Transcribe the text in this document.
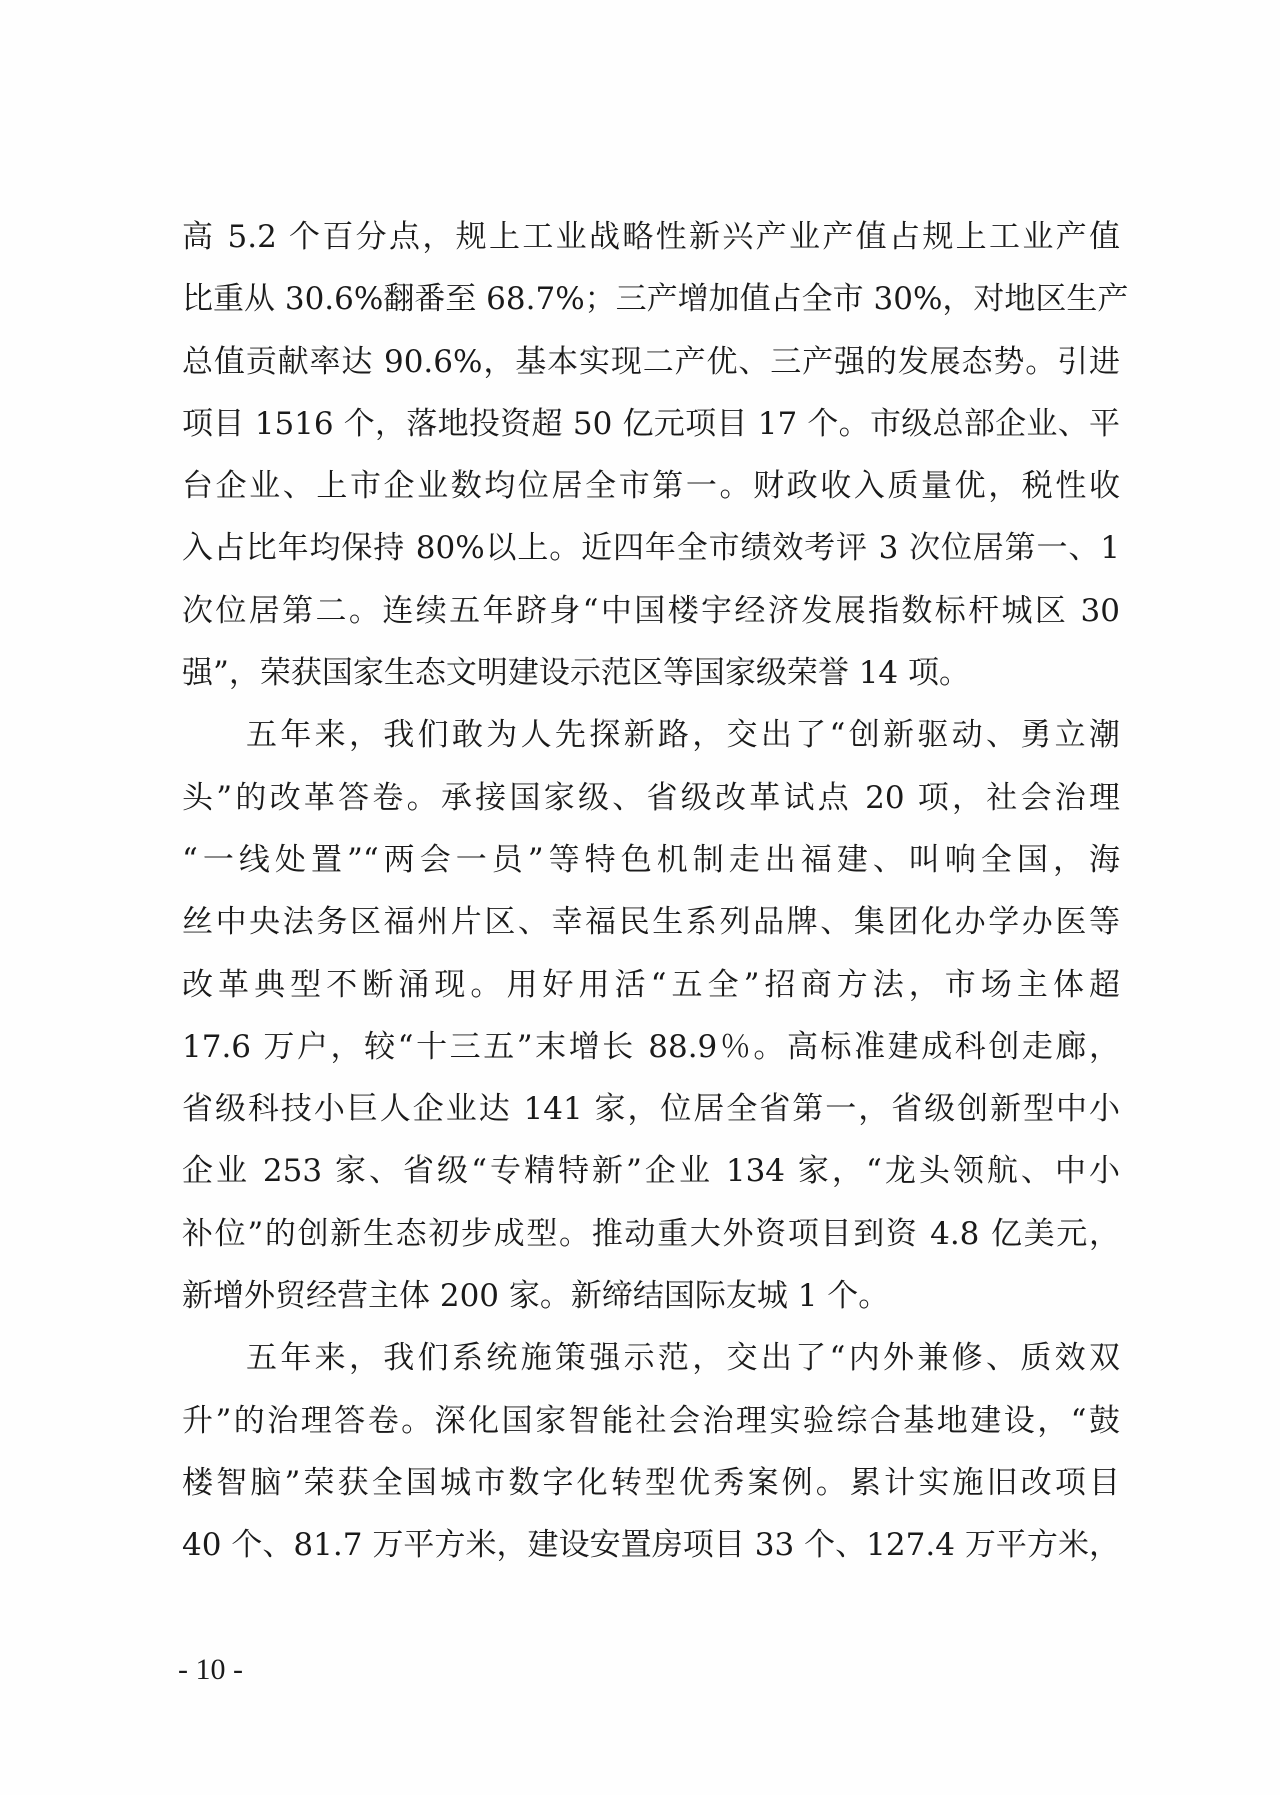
高 5.2 个百分点，规上工业战略性新兴产业产值占规上工业产值
比重从 30.6%翻番至 68.7%；三产增加值占全市 30%，对地区生产
总值贡献率达 90.6%，基本实现二产优、三产强的发展态势。引进
项目 1516 个，落地投资超 50 亿元项目 17 个。市级总部企业、平
台企业、上市企业数均位居全市第一。财政收入质量优，税性收
入占比年均保持 80%以上。近四年全市绩效考评 3 次位居第一、1
次位居第二。连续五年跻身“中国楼宇经济发展指数标杆城区 30
强”，荣获国家生态文明建设示范区等国家级荣誉 14 项。
五年来，我们敢为人先探新路，交出了“创新驱动、勇立潮
头”的改革答卷。承接国家级、省级改革试点 20 项，社会治理
“一线处置”“两会一员”等特色机制走出福建、叫响全国，海
丝中央法务区福州片区、幸福民生系列品牌、集团化办学办医等
改革典型不断涌现。用好用活“五全”招商方法，市场主体超
17.6 万户，较“十三五”末增长 88.9％。高标准建成科创走廊，
省级科技小巨人企业达 141 家，位居全省第一，省级创新型中小
企业 253 家、省级“专精特新”企业 134 家，“龙头领航、中小
补位”的创新生态初步成型。推动重大外资项目到资 4.8 亿美元，
新增外贸经营主体 200 家。新缔结国际友城 1 个。
五年来，我们系统施策强示范，交出了“内外兼修、质效双
升”的治理答卷。深化国家智能社会治理实验综合基地建设，“鼓
楼智脑”荣获全国城市数字化转型优秀案例。累计实施旧改项目
40 个、81.7 万平方米，建设安置房项目 33 个、127.4 万平方米，
- 10 -
